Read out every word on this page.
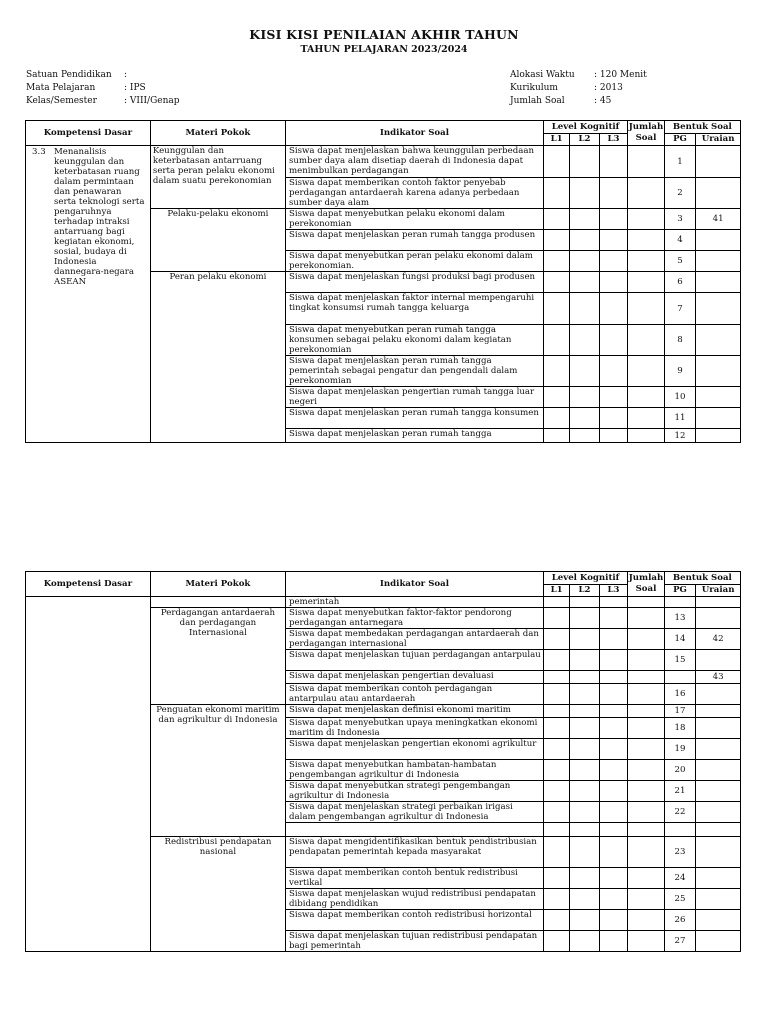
KISI KISI PENILAIAN AKHIR TAHUN
TAHUN PELAJARAN 2023/2024
Satuan Pendidikan	:
Mata Pelajaran	: IPS
Kelas/Semester	: VIII/Genap
Alokasi Waktu	: 120 Menit
Kurikulum	: 2013
Jumlah Soal	: 45
Kompetensi Dasar	Materi Pokok	Indikator Soal	Level Kognitif			Jumlah
Soal	Bentuk Soal	
			L1	L2	L3		PG	Uraian

3.3 Menanalisis keunggulan dan keterbatasan ruang dalam permintaan dan penawaran serta teknologi serta pengaruhnya terhadap intraksi antarruang bagi kegiatan ekonomi, sosial, budaya di Indonesia dannegara-negara ASEAN	Keunggulan dan keterbatasan antarruang serta peran pelaku ekonomi dalam suatu perekonomian	Siswa dapat menjelaskan bahwa keunggulan perbedaan sumber daya alam disetiap daerah di Indonesia dapat menimbulkan perdagangan					1	
		Siswa dapat memberikan contoh faktor penyebab perdagangan antardaerah karena adanya perbedaan sumber daya alam					2	
	Pelaku-pelaku ekonomi	Siswa dapat menyebutkan pelaku ekonomi dalam perekonomian					3	41
		Siswa dapat menjelaskan peran rumah tangga produsen					4	
		Siswa dapat menyebutkan peran pelaku ekonomi dalam perekonomian.					5	
	Peran pelaku ekonomi	Siswa dapat menjelaskan fungsi produksi bagi produsen					6	
		Siswa dapat menjelaskan faktor internal mempengaruhi tingkat konsumsi rumah tangga keluarga					7	
		Siswa dapat menyebutkan peran rumah tangga konsumen sebagai pelaku ekonomi dalam kegiatan perekonomian					8	
		Siswa dapat menjelaskan peran rumah tangga pemerintah sebagai pengatur dan pengendali dalam perekonomian					9	
		Siswa dapat menjelaskan pengertian rumah tangga luar negeri					10	
		Siswa dapat menjelaskan peran rumah tangga konsumen					11	
		Siswa dapat menjelaskan peran rumah tangga					12	
Kompetensi Dasar	Materi Pokok	Indikator Soal	Level Kognitif			Jumlah
Soal	Bentuk Soal	
			L1	L2	L3		PG	Uraian
		pemerintah						
	Perdagangan antardaerah dan perdagangan Internasional	Siswa dapat menyebutkan faktor-faktor pendorong perdagangan antarnegara					13	
		Siswa dapat membedakan perdagangan antardaerah dan perdagangan internasional					14	42
		Siswa dapat menjelaskan tujuan perdagangan antarpulau					15	
		Siswa dapat menjelaskan pengertian devaluasi						43
		Siswa dapat memberikan contoh perdagangan antarpulau atau antardaerah					16	
	Penguatan ekonomi maritim dan agrikultur di Indonesia	Siswa dapat menjelaskan definisi ekonomi maritim					17	
		Siswa dapat menyebutkan upaya meningkatkan ekonomi maritim di Indonesia					18	
		Siswa dapat menjelaskan pengertian ekonomi agrikultur					19	
		Siswa dapat menyebutkan hambatan-hambatan pengembangan agrikultur di Indonesia					20	
		Siswa dapat menyebutkan strategi pengembangan agrikultur di Indonesia					21	
		Siswa dapat menjelaskan strategi perbaikan irigasi dalam pengembangan agrikultur di Indonesia					22	

	Redistribusi pendapatan nasional	Siswa dapat mengidentifikasikan bentuk pendistribusian pendapatan pemerintah kepada masyarakat					23	
		Siswa dapat memberikan contoh bentuk redistribusi vertikal					24	
		Siswa dapat menjelaskan wujud redistribusi pendapatan dibidang pendidikan					25	
		Siswa dapat memberikan contoh redistribusi horizontal					26	
		Siswa dapat menjelaskan tujuan redistribusi pendapatan bagi pemerintah					27	
